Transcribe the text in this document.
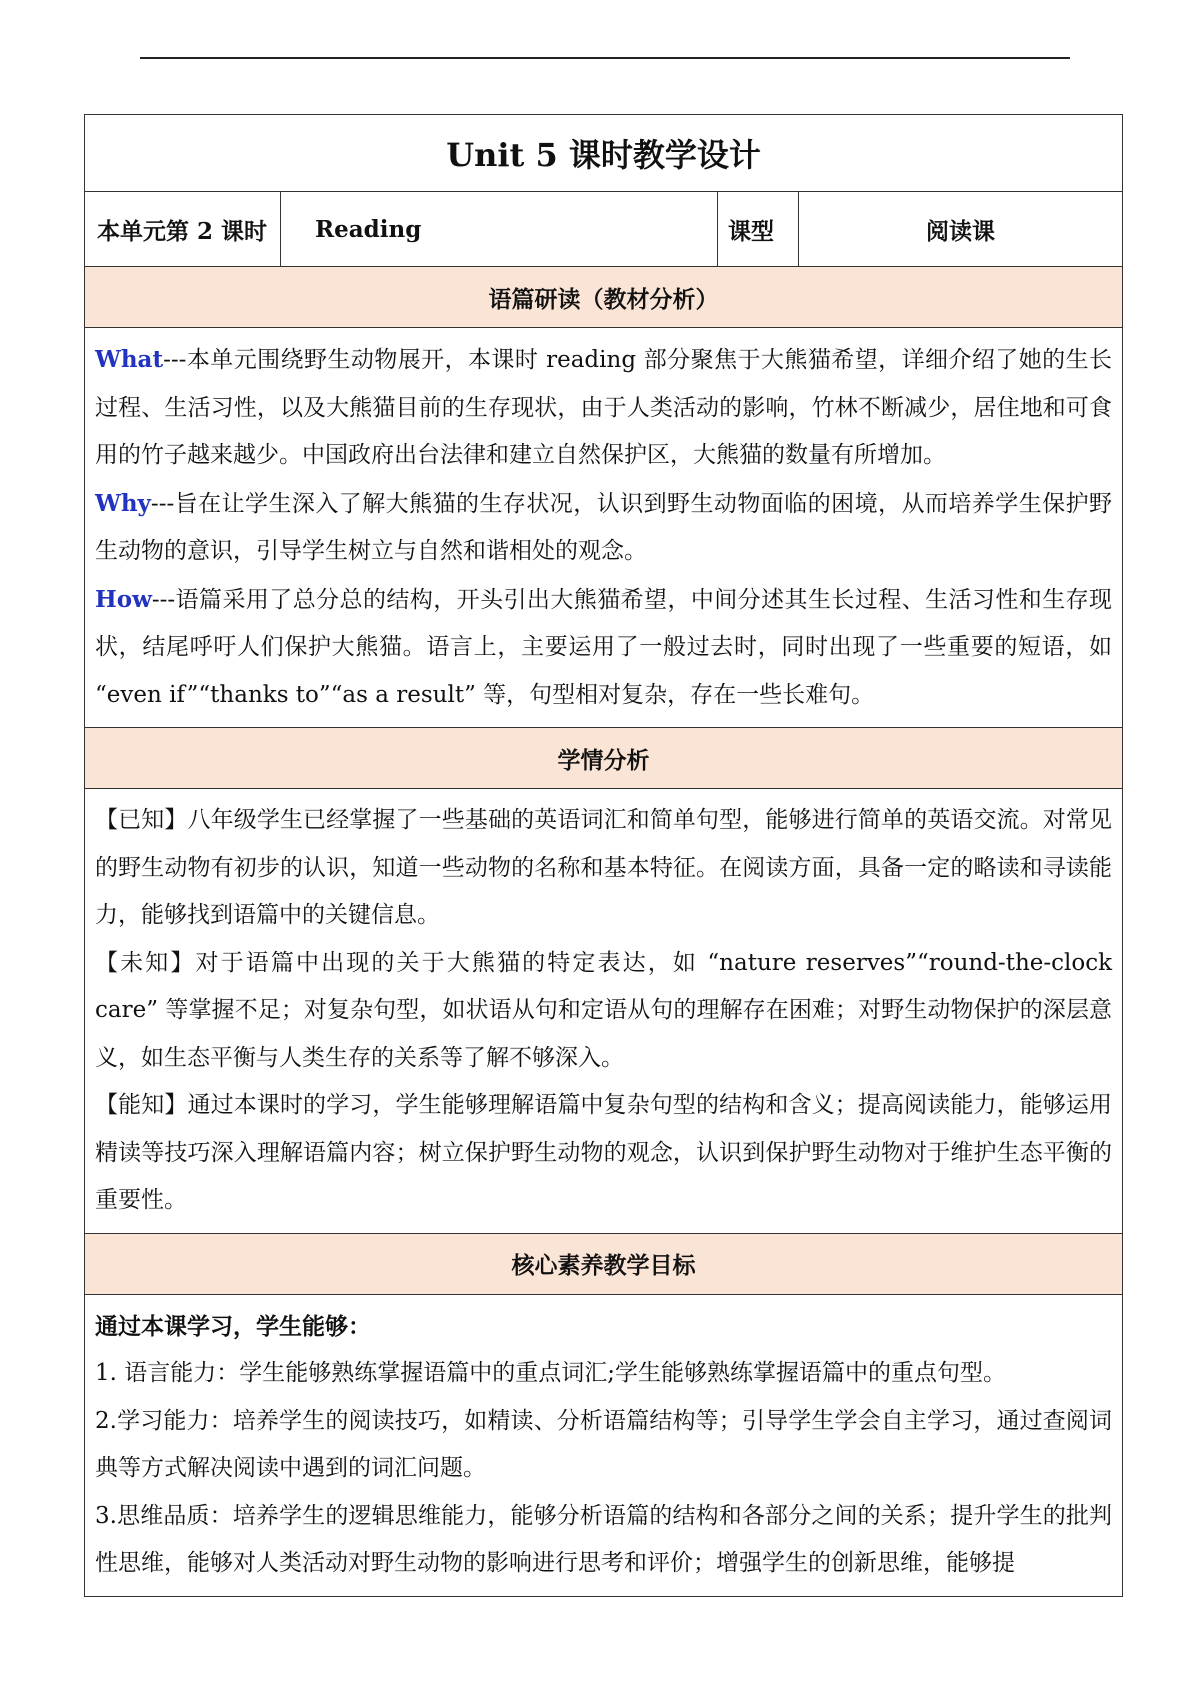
Unit 5 课时教学设计
本单元第 2 课时	Reading	课型	阅读课
语篇研读（教材分析）

What---本单元围绕野生动物展开，本课时 reading 部分聚焦于大熊猫希望，详细介绍了她的生长过程、生活习性，以及大熊猫目前的生存现状，由于人类活动的影响，竹林不断减少，居住地和可食用的竹子越来越少。中国政府出台法律和建立自然保护区，大熊猫的数量有所增加。

Why---旨在让学生深入了解大熊猫的生存状况，认识到野生动物面临的困境，从而培养学生保护野生动物的意识，引导学生树立与自然和谐相处的观念。

How---语篇采用了总分总的结构，开头引出大熊猫希望，中间分述其生长过程、生活习性和生存现状，结尾呼吁人们保护大熊猫。语言上，主要运用了一般过去时，同时出现了一些重要的短语，如 “even if”“thanks to”“as a result” 等，句型相对复杂，存在一些长难句。

学情分析

【已知】八年级学生已经掌握了一些基础的英语词汇和简单句型，能够进行简单的英语交流。对常见的野生动物有初步的认识，知道一些动物的名称和基本特征。在阅读方面，具备一定的略读和寻读能力，能够找到语篇中的关键信息。

【未知】对于语篇中出现的关于大熊猫的特定表达，如 “nature reserves”“round-the-clock care” 等掌握不足；对复杂句型，如状语从句和定语从句的理解存在困难；对野生动物保护的深层意义，如生态平衡与人类生存的关系等了解不够深入。

【能知】通过本课时的学习，学生能够理解语篇中复杂句型的结构和含义；提高阅读能力，能够运用精读等技巧深入理解语篇内容；树立保护野生动物的观念，认识到保护野生动物对于维护生态平衡的重要性。

核心素养教学目标

通过本课学习，学生能够：

1. 语言能力：学生能够熟练掌握语篇中的重点词汇;学生能够熟练掌握语篇中的重点句型。

2.学习能力：培养学生的阅读技巧，如精读、分析语篇结构等；引导学生学会自主学习，通过查阅词典等方式解决阅读中遇到的词汇问题。

3.思维品质：培养学生的逻辑思维能力，能够分析语篇的结构和各部分之间的关系；提升学生的批判性思维，能够对人类活动对野生动物的影响进行思考和评价；增强学生的创新思维，能够提
